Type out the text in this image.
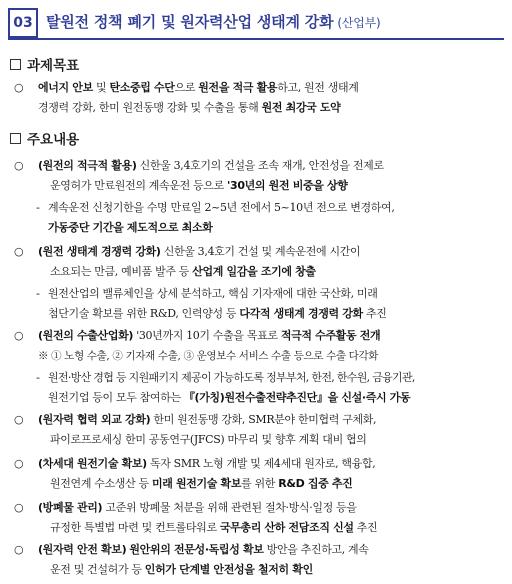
03 탈원전 정책 폐기 및 원자력산업 생태계 강화 (산업부)
과제목표
○ 에너지 안보 및 탄소중립 수단으로 원전을 적극 활용하고, 원전 생태계
경쟁력 강화, 한미 원전동맹 강화 및 수출을 통해 원전 최강국 도약
주요내용
○ (원전의 적극적 활용) 신한울 3,4호기의 건설을 조속 재개, 안전성을 전제로
운영허가 만료원전의 계속운전 등으로 '30년의 원전 비중을 상향
- 계속운전 신청기한을 수명 만료일 2~5년 전에서 5~10년 전으로 변경하여,
가동중단 기간을 제도적으로 최소화
○ (원전 생태계 경쟁력 강화) 신한울 3,4호기 건설 및 계속운전에 시간이
소요되는 만큼, 예비품 발주 등 산업계 일감을 조기에 창출
- 원전산업의 밸류체인을 상세 분석하고, 핵심 기자재에 대한 국산화, 미래
첨단기술 확보를 위한 R&D, 인력양성 등 다각적 생태계 경쟁력 강화 추진
○ (원전의 수출산업화) '30년까지 10기 수출을 목표로 적극적 수주활동 전개
※ ① 노형 수출, ② 기자재 수출, ③ 운영보수 서비스 수출 등으로 수출 다각화
- 원전·방산 경협 등 지원패키지 제공이 가능하도록 정부부처, 한전, 한수원, 금융기관,
원전기업 등이 모두 참여하는 『(가칭)원전수출전략추진단』을 신설·즉시 가동
○ (원자력 협력 외교 강화) 한미 원전동맹 강화, SMR분야 한미협력 구체화,
파이로프로세싱 한미 공동연구(JFCS) 마무리 및 향후 계획 대비 협의
○ (차세대 원전기술 확보) 독자 SMR 노형 개발 및 제4세대 원자로, 핵융합,
원전연계 수소생산 등 미래 원전기술 확보를 위한 R&D 집중 추진
○ (방폐물 관리) 고준위 방폐물 처분을 위해 관련된 절차·방식·일정 등을
규정한 특별법 마련 및 컨트롤타워로 국무총리 산하 전담조직 신설 추진
○ (원자력 안전 확보) 원안위의 전문성·독립성 확보 방안을 추진하고, 계속
운전 및 건설허가 등 인허가 단계별 안전성을 철저히 확인
